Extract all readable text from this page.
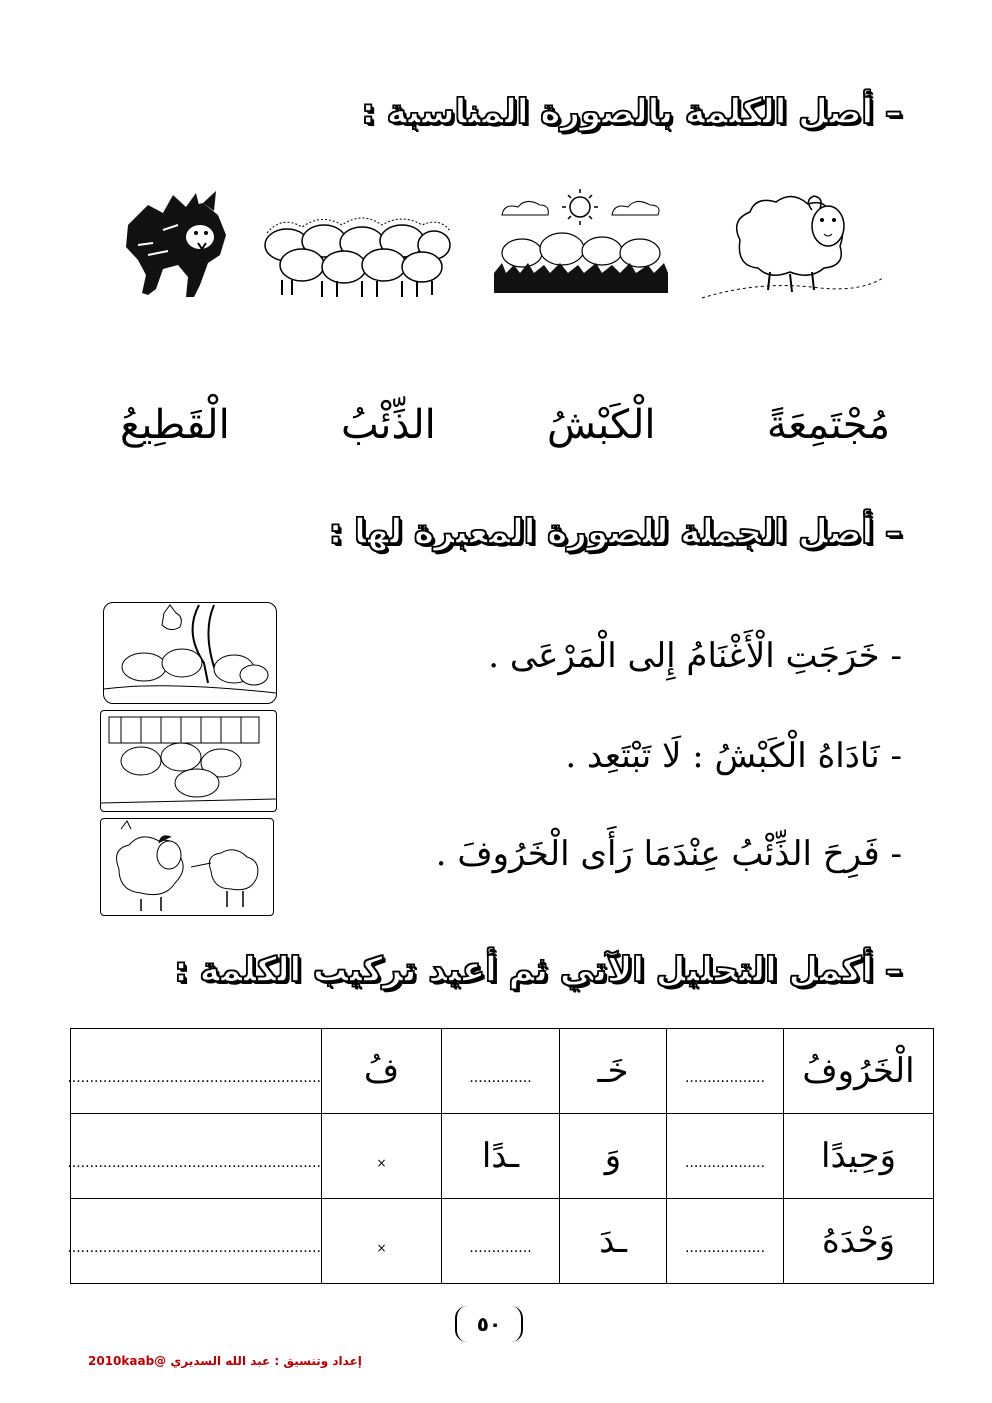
– أصل الكلمة بالصورة المناسبة :
مُجْتَمِعَةً
الْكَبْشُ
الذِّئْبُ
الْقَطِيعُ
– أصل الجملة للصورة المعبرة لها :
- خَرَجَتِ الْأَغْنَامُ إِلى الْمَرْعَى .
- نَادَاهُ الْكَبْشُ : لَا تَبْتَعِد .
- فَرِحَ الذِّئْبُ عِنْدَمَا رَأَى الْخَرُوفَ .
– أكمل التحليل الآتي ثم أعيد تركيب الكلمة :
الْخَرُوفُ	..................	خَـ	..............	فُ	.........................................................
وَحِيدًا	..................	وَ	ـدًا	×	.........................................................
وَحْدَهُ	..................	ـدَ	..............	×	.........................................................
٥٠
إعداد وتنسيق : عبد الله السديري @2010kaab
